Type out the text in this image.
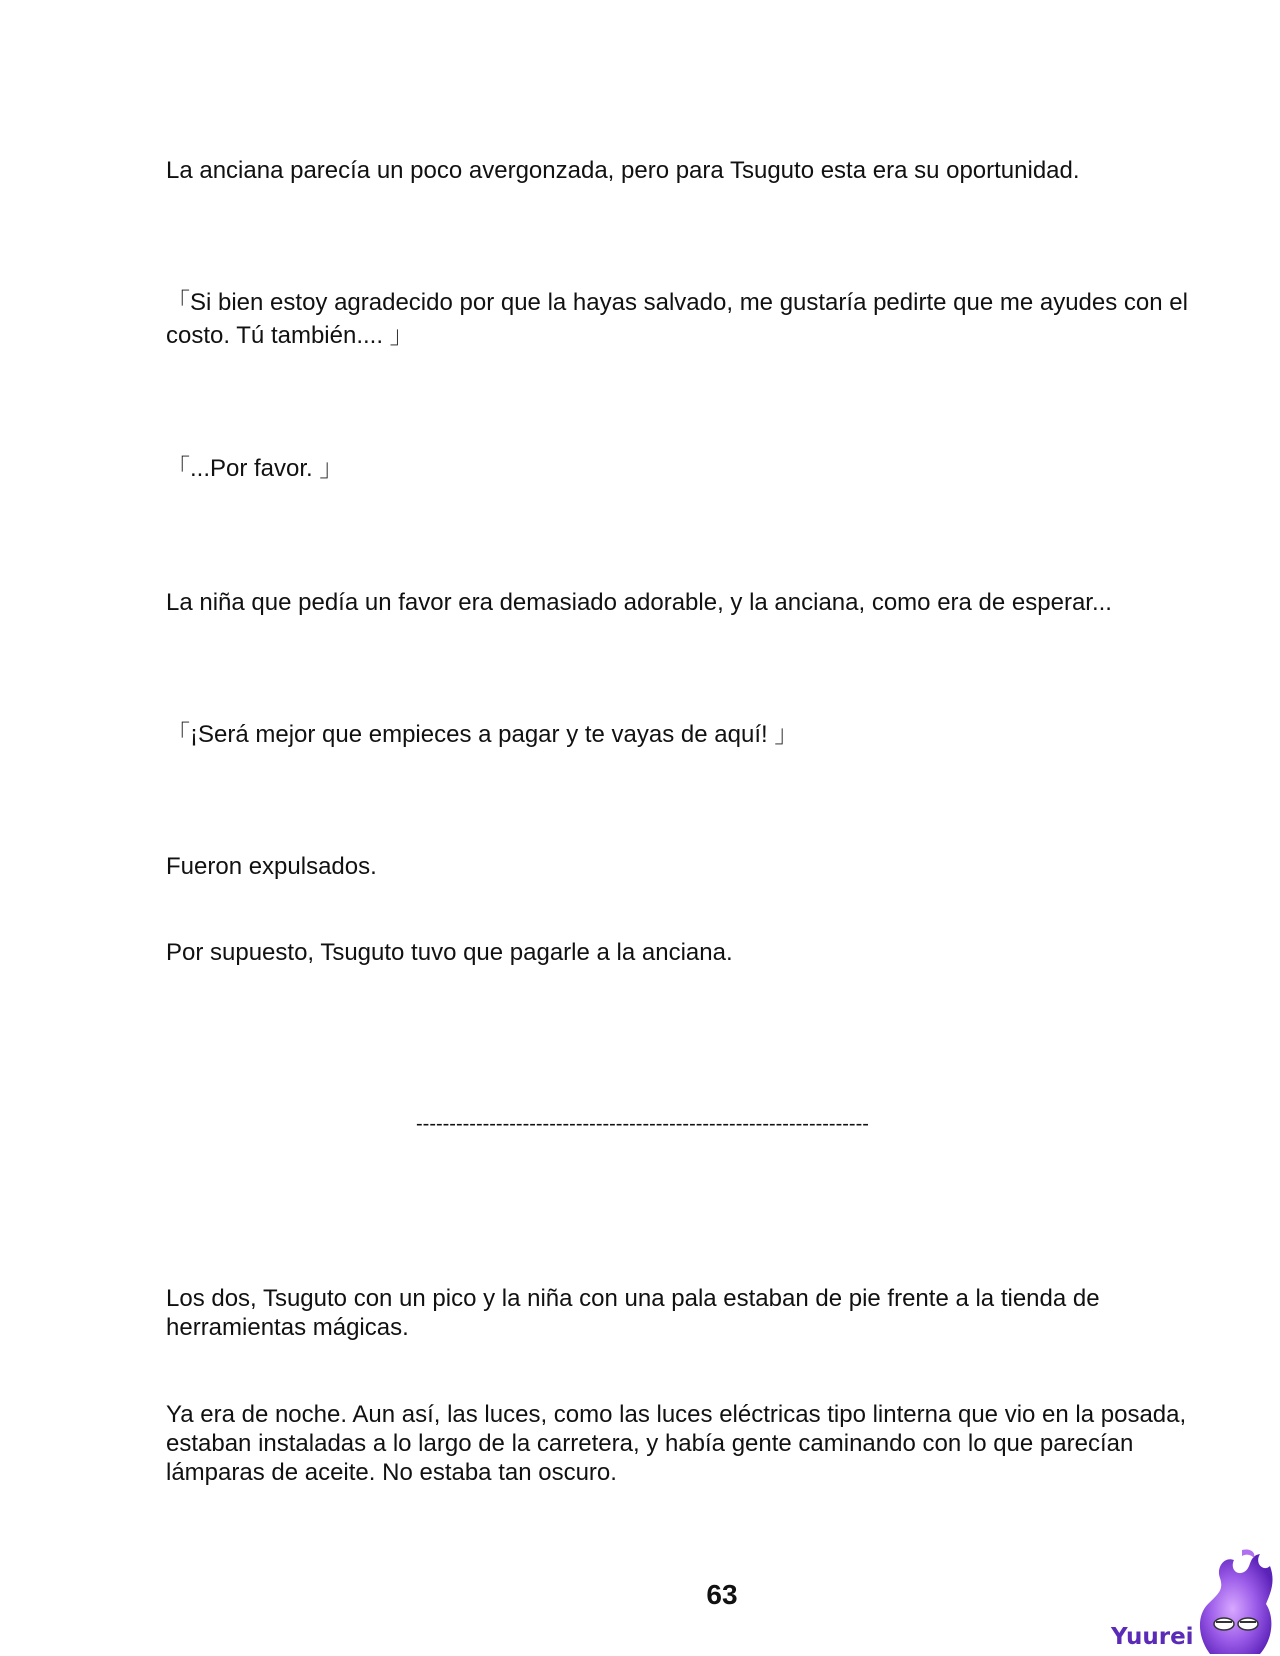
La anciana parecía un poco avergonzada, pero para Tsuguto esta era su oportunidad.

「Si bien estoy agradecido por que la hayas salvado, me gustaría pedirte que me ayudes con el costo. Tú también.... 」

「...Por favor. 」

La niña que pedía un favor era demasiado adorable, y la anciana, como era de esperar...

「¡Será mejor que empieces a pagar y te vayas de aquí! 」

Fueron expulsados.

Por supuesto, Tsuguto tuvo que pagarle a la anciana.

--------------------------------------------------------------------

Los dos, Tsuguto con un pico y la niña con una pala estaban de pie frente a la tienda de herramientas mágicas.

Ya era de noche. Aun así, las luces, como las luces eléctricas tipo linterna que vio en la posada, estaban instaladas a lo largo de la carretera, y había gente caminando con lo que parecían lámparas de aceite. No estaba tan oscuro.

63
Yuurei
